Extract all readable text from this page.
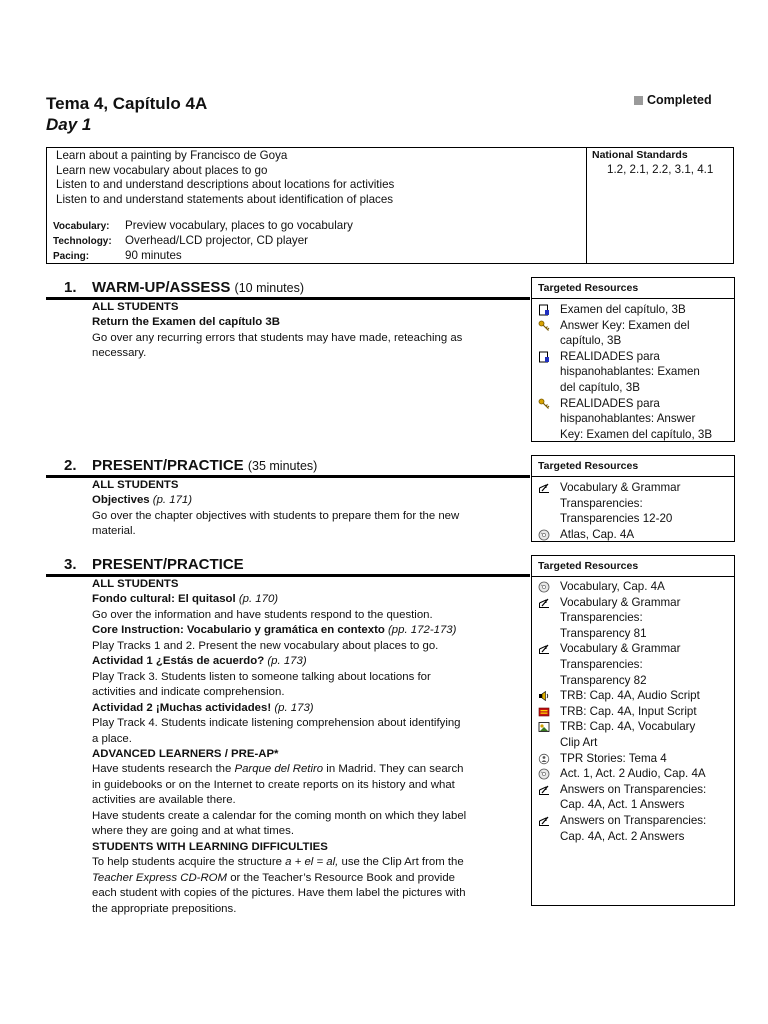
Tema 4, Capítulo 4A
Day 1
Completed
Learn about a painting by Francisco de Goya
Learn new vocabulary about places to go
Listen to and understand descriptions about locations for activities
Listen to and understand statements about identification of places
Vocabulary: Preview vocabulary, places to go vocabulary
Technology: Overhead/LCD projector, CD player
Pacing:	90 minutes
National Standards
1.2, 2.1, 2.2, 3.1, 4.1
1. WARM-UP/ASSESS (10 minutes)
ALL STUDENTS
Return the Examen del capítulo 3B
Go over any recurring errors that students may have made, reteaching as
necessary.
Targeted Resources
Examen del capítulo, 3B
Answer Key: Examen del
capítulo, 3B
REALIDADES para
hispanohablantes: Examen
del capítulo, 3B
REALIDADES para
hispanohablantes: Answer
Key: Examen del capítulo, 3B
2. PRESENT/PRACTICE (35 minutes)
ALL STUDENTS
Objectives (p. 171)
Go over the chapter objectives with students to prepare them for the new
material.
Targeted Resources
Vocabulary & Grammar
Transparencies:
Transparencies 12-20
Atlas, Cap. 4A
3. PRESENT/PRACTICE
ALL STUDENTS
Fondo cultural: El quitasol (p. 170)
Go over the information and have students respond to the question.
Core Instruction: Vocabulario y gramática en contexto (pp. 172-173)
Play Tracks 1 and 2. Present the new vocabulary about places to go.
Actividad 1 ¿Estás de acuerdo? (p. 173)
Play Track 3. Students listen to someone talking about locations for
activities and indicate comprehension.
Actividad 2 ¡Muchas actividades! (p. 173)
Play Track 4. Students indicate listening comprehension about identifying
a place.
ADVANCED LEARNERS / PRE-AP*
Have students research the Parque del Retiro in Madrid. They can search
in guidebooks or on the Internet to create reports on its history and what
activities are available there.
Have students create a calendar for the coming month on which they label
where they are going and at what times.
STUDENTS WITH LEARNING DIFFICULTIES
To help students acquire the structure a + el = al, use the Clip Art from the
Teacher Express CD-ROM or the Teacher’s Resource Book and provide
each student with copies of the pictures. Have them label the pictures with
the appropriate prepositions.
Targeted Resources
Vocabulary, Cap. 4A
Vocabulary & Grammar
Transparencies:
Transparency 81
Vocabulary & Grammar
Transparencies:
Transparency 82
TRB: Cap. 4A, Audio Script
TRB: Cap. 4A, Input Script
TRB: Cap. 4A, Vocabulary
Clip Art
TPR Stories: Tema 4
Act. 1, Act. 2 Audio, Cap. 4A
Answers on Transparencies:
Cap. 4A, Act. 1 Answers
Answers on Transparencies:
Cap. 4A, Act. 2 Answers
